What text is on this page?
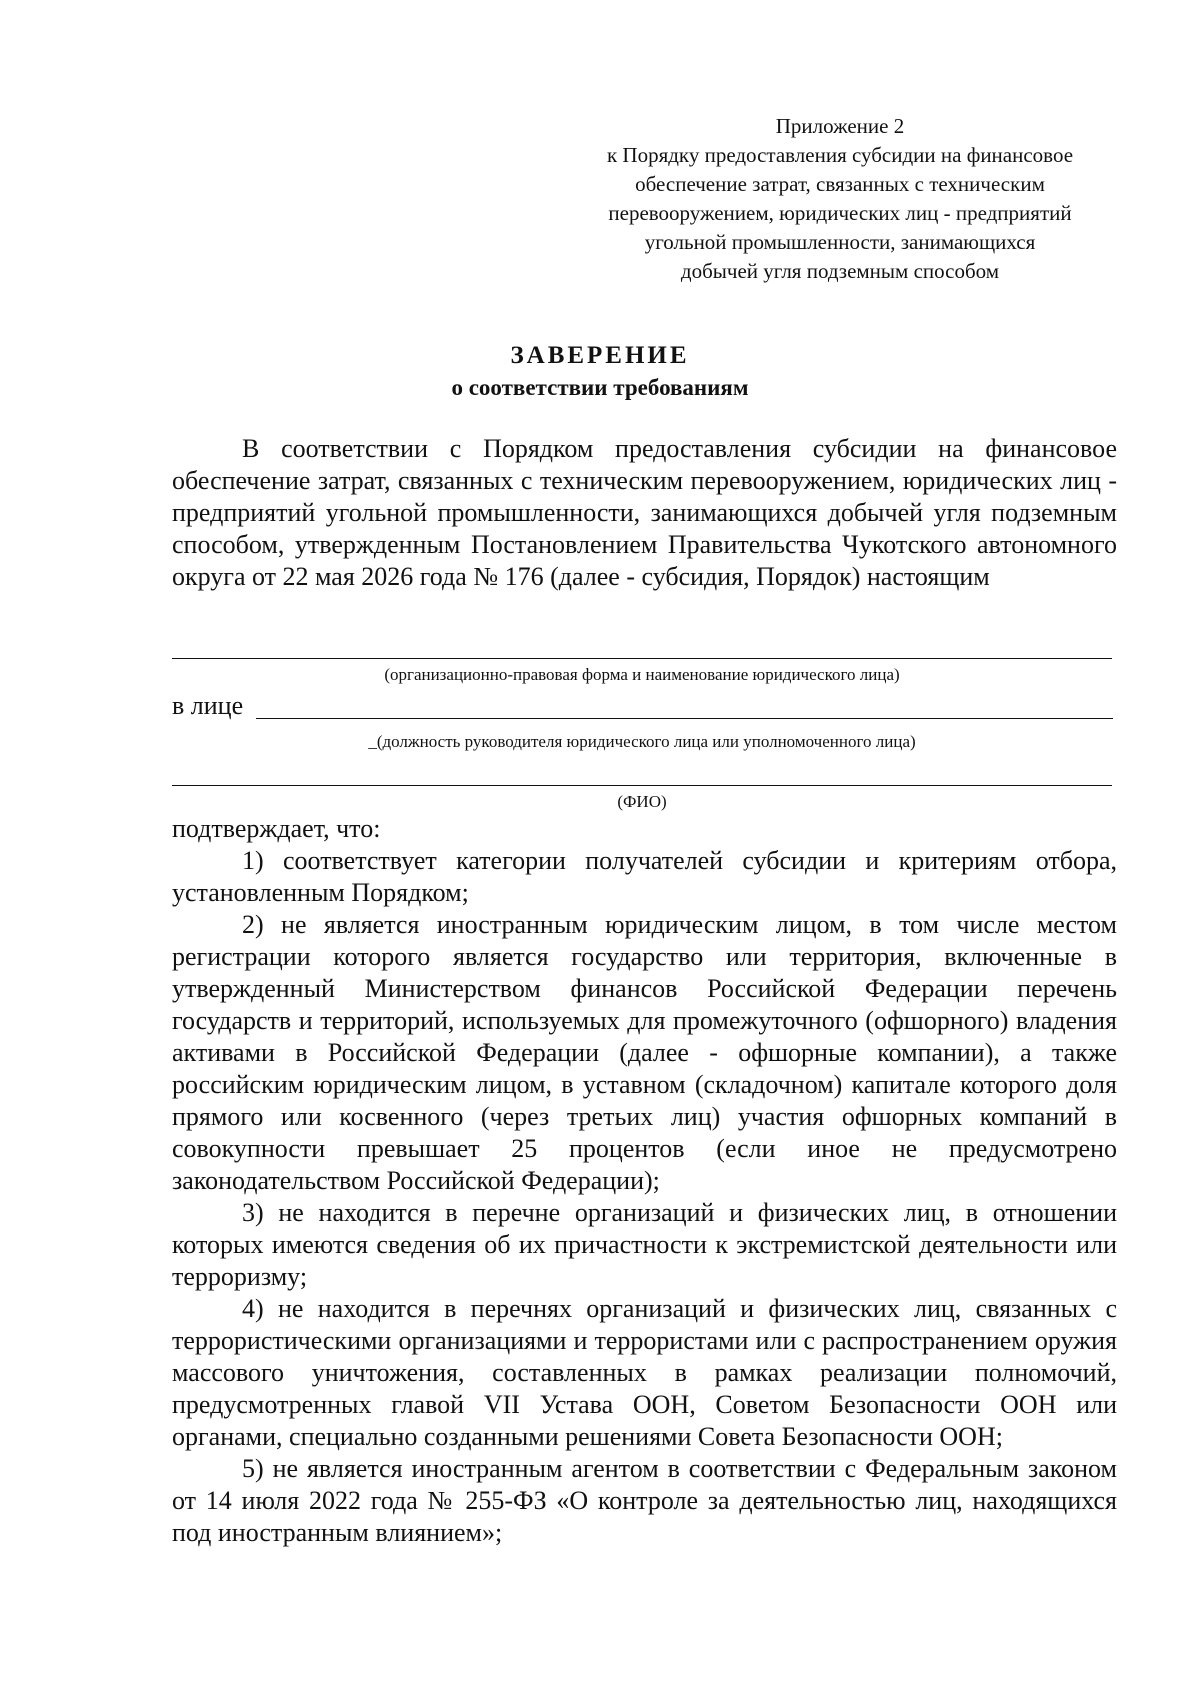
Приложение 2
к Порядку предоставления субсидии на финансовое
обеспечение затрат, связанных с техническим
перевооружением, юридических лиц - предприятий
угольной промышленности, занимающихся
добычей угля подземным способом
ЗАВЕРЕНИЕ
о соответствии требованиям

В соответствии с Порядком предоставления субсидии на финансовое обеспечение затрат, связанных с техническим перевооружением, юридических лиц - предприятий угольной промышленности, занимающихся добычей угля подземным способом, утвержденным Постановлением Правительства Чукотского автономного округа от 22 мая 2026 года № 176 (далее - субсидия, Порядок) настоящим

(организационно-правовая форма и наименование юридического лица)
в лице
_(должность руководителя юридического лица или уполномоченного лица)
(ФИО)

подтверждает, что:

1) соответствует категории получателей субсидии и критериям отбора, установленным Порядком;

2) не является иностранным юридическим лицом, в том числе местом регистрации которого является государство или территория, включенные в утвержденный Министерством финансов Российской Федерации перечень государств и территорий, используемых для промежуточного (офшорного) владения активами в Российской Федерации (далее - офшорные компании), а также российским юридическим лицом, в уставном (складочном) капитале которого доля прямого или косвенного (через третьих лиц) участия офшорных компаний в совокупности превышает 25 процентов (если иное не предусмотрено законодательством Российской Федерации);

3) не находится в перечне организаций и физических лиц, в отношении которых имеются сведения об их причастности к экстремистской деятельности или терроризму;

4) не находится в перечнях организаций и физических лиц, связанных с террористическими организациями и террористами или с распространением оружия массового уничтожения, составленных в рамках реализации полномочий, предусмотренных главой VII Устава ООН, Советом Безопасности ООН или органами, специально созданными решениями Совета Безопасности ООН;

5) не является иностранным агентом в соответствии с Федеральным законом от 14 июля 2022 года № 255-ФЗ «О контроле за деятельностью лиц, находящихся под иностранным влиянием»;
